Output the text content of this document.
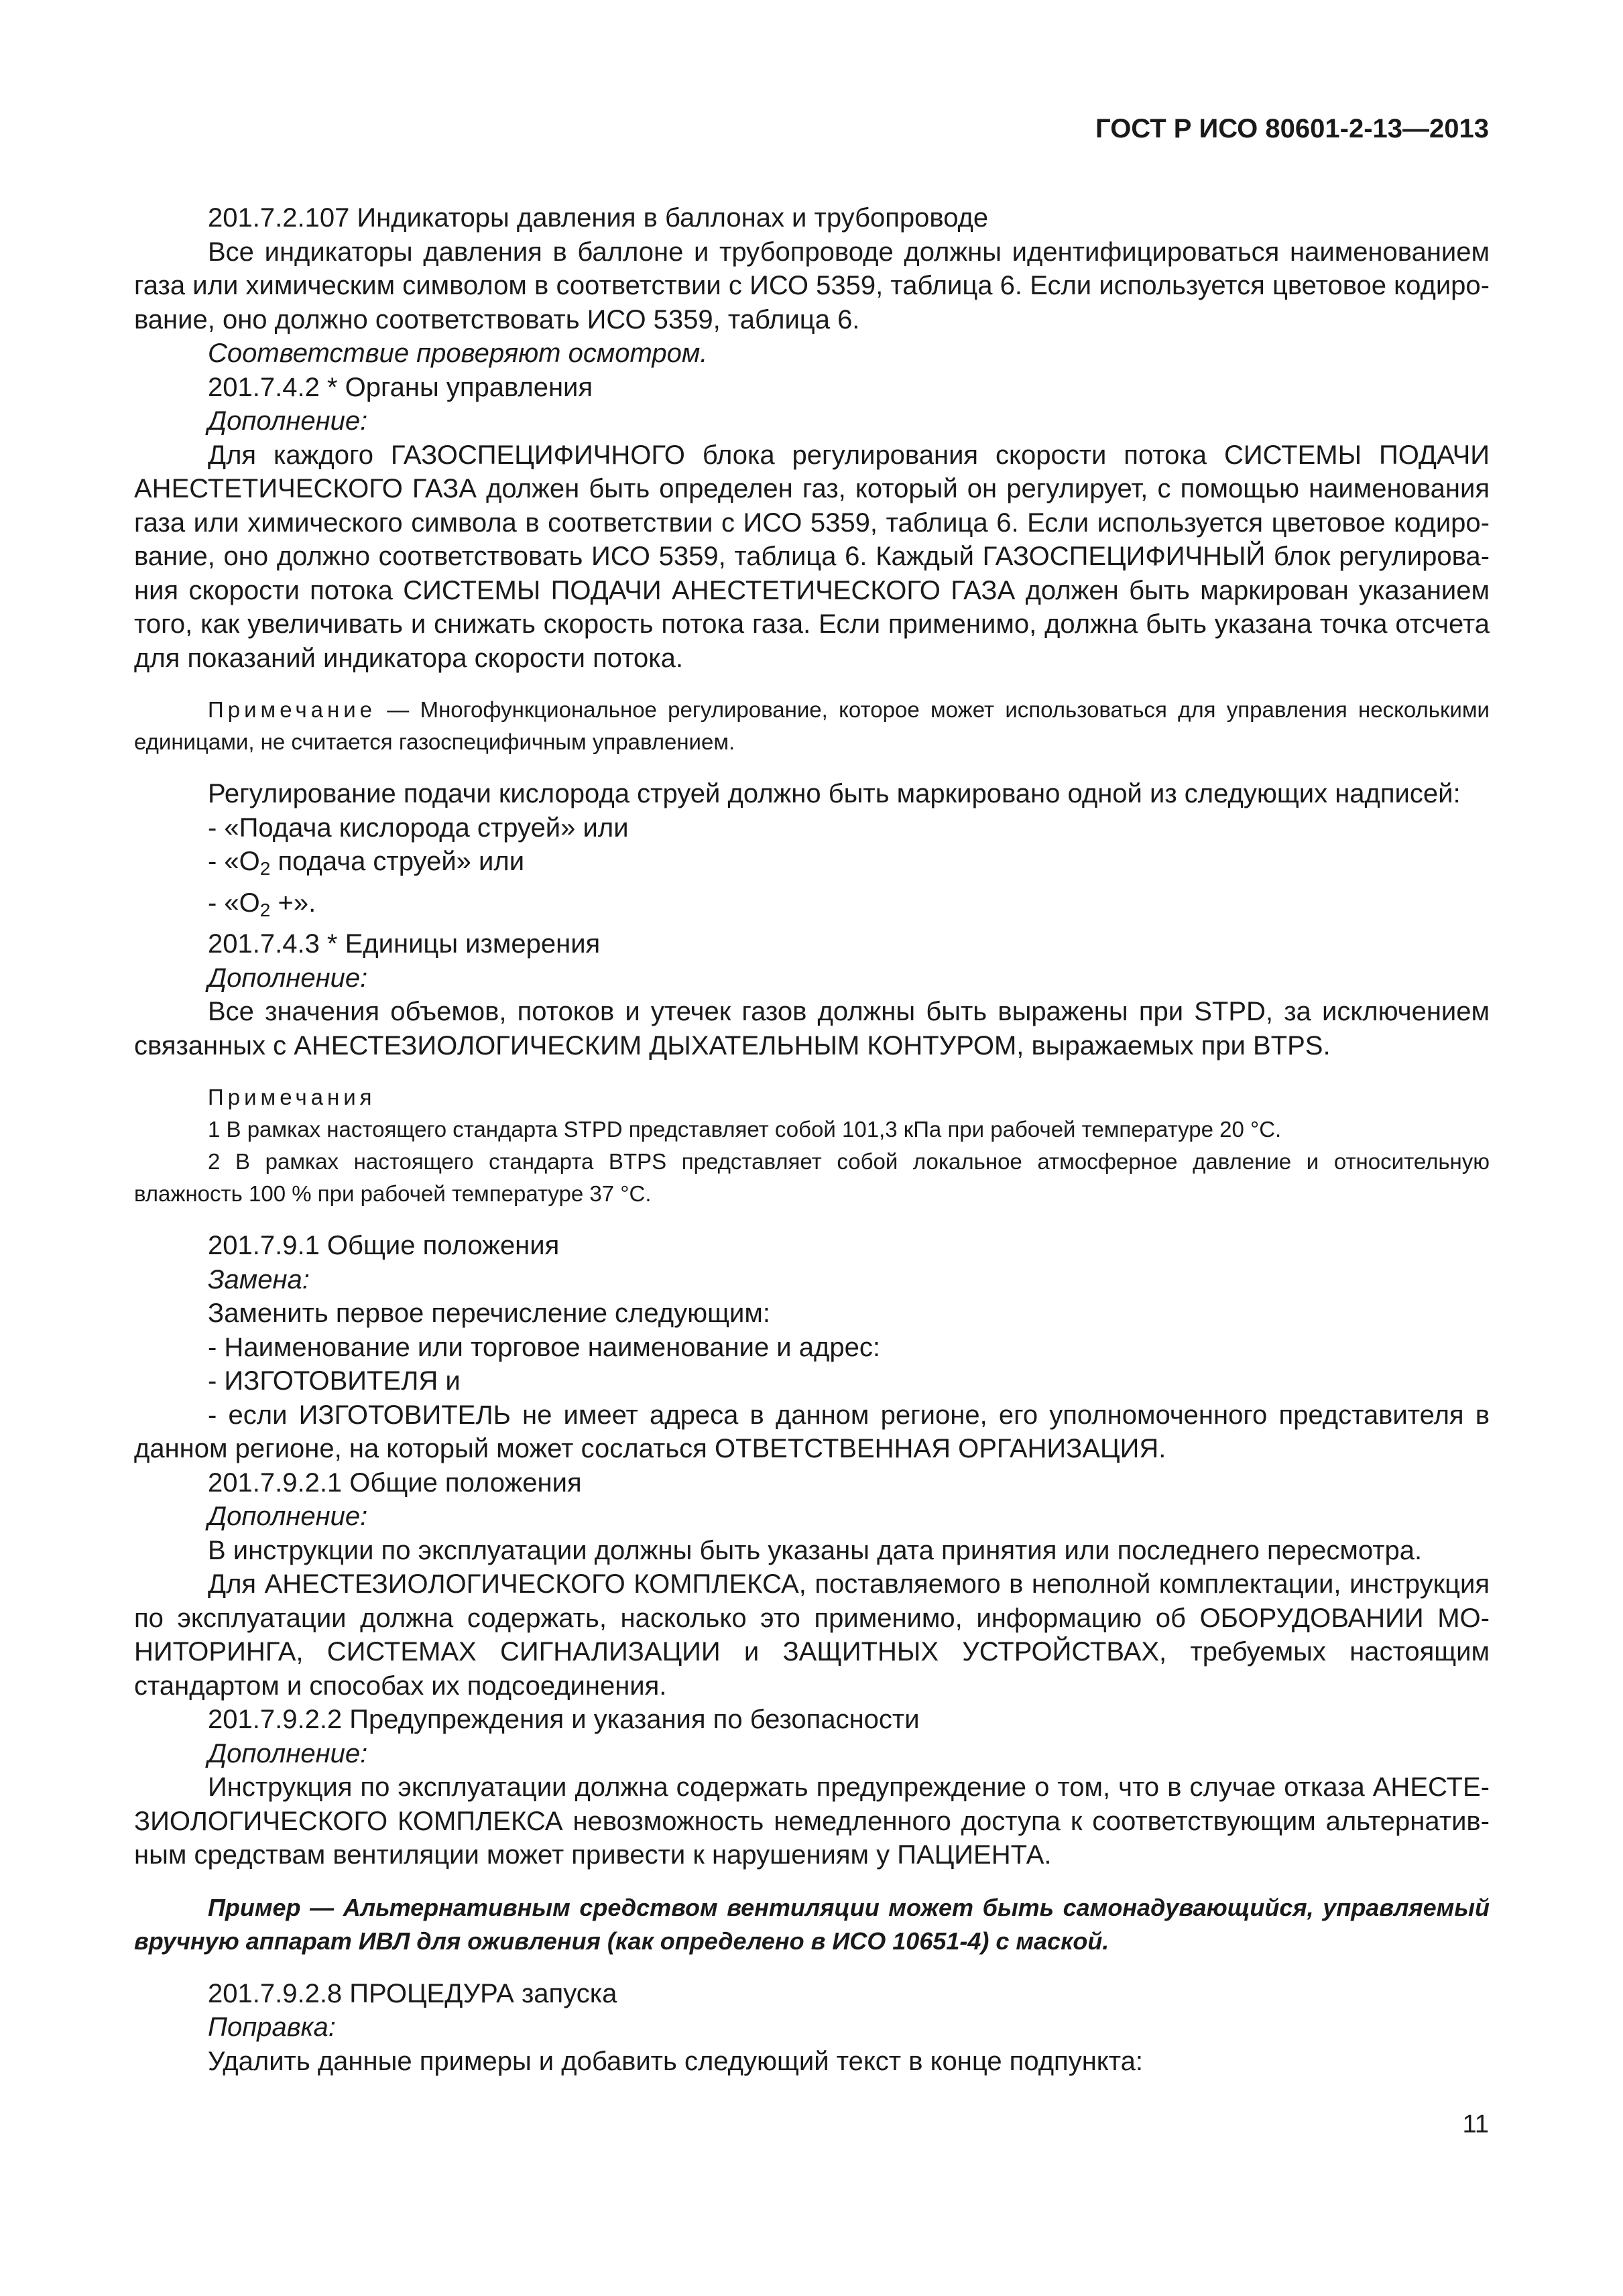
ГОСТ Р ИСО 80601-2-13—2013

201.7.2.107 Индикаторы давления в баллонах и трубопроводе

Все индикаторы давления в баллоне и трубопроводе должны идентифицироваться наименованием газа или химическим символом в соответствии с ИСО 5359, таблица 6. Если используется цветовое кодирование, оно должно соответствовать ИСО 5359, таблица 6.

Соответствие проверяют осмотром.

201.7.4.2 * Органы управления

Дополнение:

Для каждого ГАЗОСПЕЦИФИЧНОГО блока регулирования скорости потока СИСТЕМЫ ПОДАЧИ АНЕСТЕТИЧЕСКОГО ГАЗА должен быть определен газ, который он регулирует, с помощью наименования газа или химического символа в соответствии с ИСО 5359, таблица 6. Если используется цветовое кодирование, оно должно соответствовать ИСО 5359, таблица 6. Каждый ГАЗОСПЕЦИФИЧНЫЙ блок регулирования скорости потока СИСТЕМЫ ПОДАЧИ АНЕСТЕТИЧЕСКОГО ГАЗА должен быть маркирован указанием того, как увеличивать и снижать скорость потока газа. Если применимо, должна быть указана точка отсчета для показаний индикатора скорости потока.

Примечание — Многофункциональное регулирование, которое может использоваться для управления несколькими единицами, не считается газоспецифичным управлением.

Регулирование подачи кислорода струей должно быть маркировано одной из следующих надписей:

- «Подача кислорода струей» или

- «$O_2$ подача струей» или

- «$O_2$ +».

201.7.4.3 * Единицы измерения

Дополнение:

Все значения объемов, потоков и утечек газов должны быть выражены при STPD, за исключением связанных с АНЕСТЕЗИОЛОГИЧЕСКИМ ДЫХАТЕЛЬНЫМ КОНТУРОМ, выражаемых при BTPS.

Примечания

1 В рамках настоящего стандарта STPD представляет собой 101,3 кПа при рабочей температуре 20 °С.

2 В рамках настоящего стандарта BTPS представляет собой локальное атмосферное давление и относительную влажность 100 % при рабочей температуре 37 °С.

201.7.9.1 Общие положения

Замена:

Заменить первое перечисление следующим:

- Наименование или торговое наименование и адрес:

- ИЗГОТОВИТЕЛЯ и

- если ИЗГОТОВИТЕЛЬ не имеет адреса в данном регионе, его уполномоченного представителя в данном регионе, на который может сослаться ОТВЕТСТВЕННАЯ ОРГАНИЗАЦИЯ.

201.7.9.2.1 Общие положения

Дополнение:

В инструкции по эксплуатации должны быть указаны дата принятия или последнего пересмотра.

Для АНЕСТЕЗИОЛОГИЧЕСКОГО КОМПЛЕКСА, поставляемого в неполной комплектации, инструкция по эксплуатации должна содержать, насколько это применимо, информацию об ОБОРУДОВАНИИ МОНИТОРИНГА, СИСТЕМАХ СИГНАЛИЗАЦИИ и ЗАЩИТНЫХ УСТРОЙСТВАХ, требуемых настоящим стандартом и способах их подсоединения.

201.7.9.2.2 Предупреждения и указания по безопасности

Дополнение:

Инструкция по эксплуатации должна содержать предупреждение о том, что в случае отказа АНЕСТЕЗИОЛОГИЧЕСКОГО КОМПЛЕКСА невозможность немедленного доступа к соответствующим альтернативным средствам вентиляции может привести к нарушениям у ПАЦИЕНТА.

Пример — Альтернативным средством вентиляции может быть самонадувающийся, управляемый вручную аппарат ИВЛ для оживления (как определено в ИСО 10651-4) с маской.

201.7.9.2.8 ПРОЦЕДУРА запуска

Поправка:

Удалить данные примеры и добавить следующий текст в конце подпункта:

11
